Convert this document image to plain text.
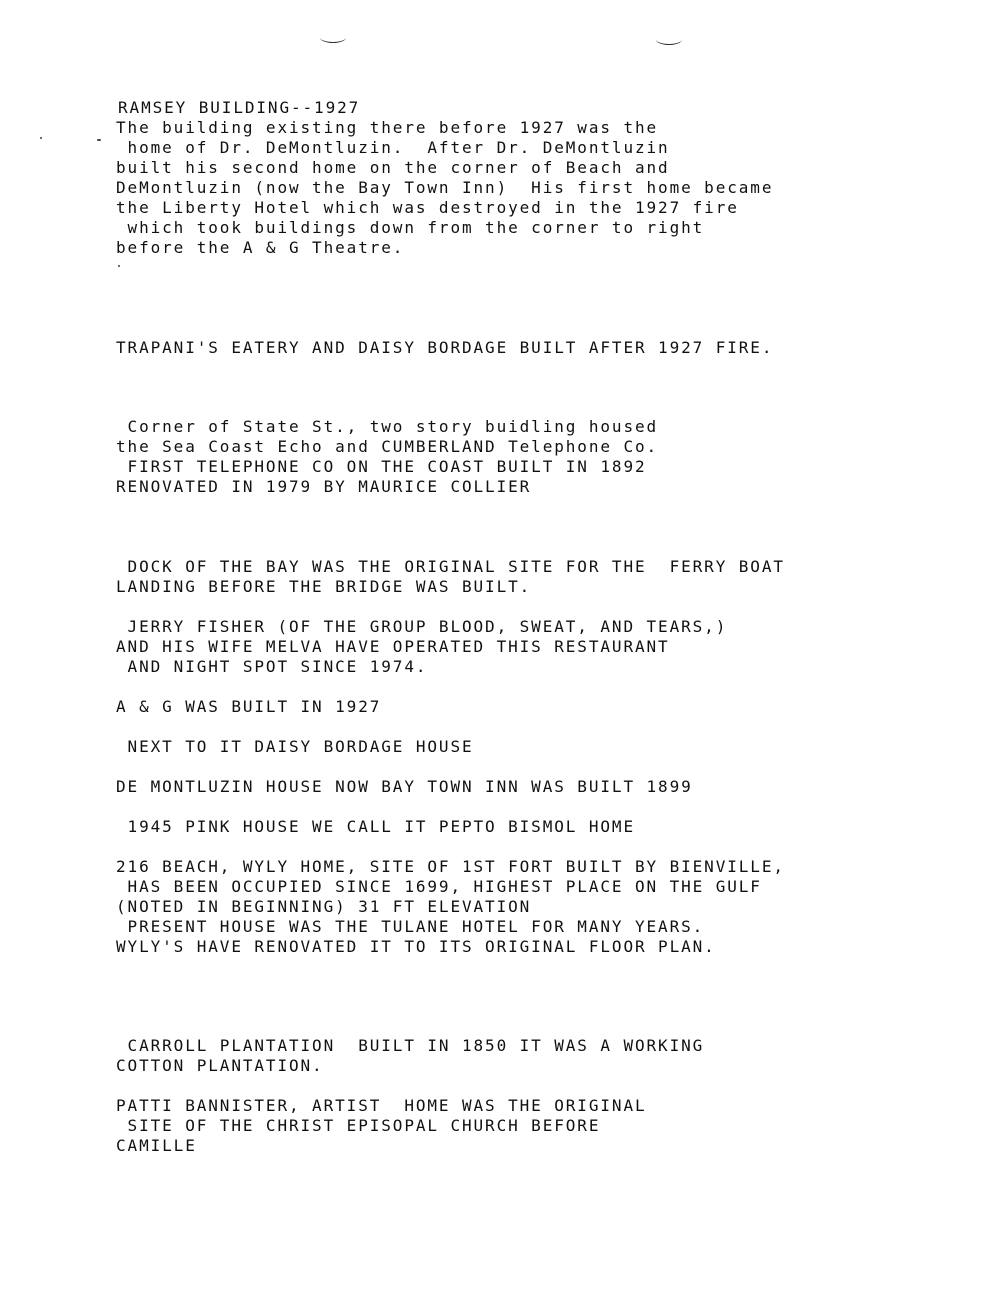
RAMSEY BUILDING--1927
The building existing there before 1927 was the
home of Dr. DeMontluzin.  After Dr. DeMontluzin
built his second home on the corner of Beach and
DeMontluzin (now the Bay Town Inn)  His first home became
the Liberty Hotel which was destroyed in the 1927 fire
which took buildings down from the corner to right
before the A & G Theatre.
TRAPANI'S EATERY AND DAISY BORDAGE BUILT AFTER 1927 FIRE.
Corner of State St., two story buidling housed
the Sea Coast Echo and CUMBERLAND Telephone Co.
FIRST TELEPHONE CO ON THE COAST BUILT IN 1892
RENOVATED IN 1979 BY MAURICE COLLIER
DOCK OF THE BAY WAS THE ORIGINAL SITE FOR THE  FERRY BOAT
LANDING BEFORE THE BRIDGE WAS BUILT.
JERRY FISHER (OF THE GROUP BLOOD, SWEAT, AND TEARS,)
AND HIS WIFE MELVA HAVE OPERATED THIS RESTAURANT
AND NIGHT SPOT SINCE 1974.
A & G WAS BUILT IN 1927
NEXT TO IT DAISY BORDAGE HOUSE
DE MONTLUZIN HOUSE NOW BAY TOWN INN WAS BUILT 1899
1945 PINK HOUSE WE CALL IT PEPTO BISMOL HOME
216 BEACH, WYLY HOME, SITE OF 1ST FORT BUILT BY BIENVILLE,
HAS BEEN OCCUPIED SINCE 1699, HIGHEST PLACE ON THE GULF
(NOTED IN BEGINNING) 31 FT ELEVATION
PRESENT HOUSE WAS THE TULANE HOTEL FOR MANY YEARS.
WYLY'S HAVE RENOVATED IT TO ITS ORIGINAL FLOOR PLAN.
CARROLL PLANTATION  BUILT IN 1850 IT WAS A WORKING
COTTON PLANTATION.
PATTI BANNISTER, ARTIST  HOME WAS THE ORIGINAL
SITE OF THE CHRIST EPISOPAL CHURCH BEFORE
CAMILLE
